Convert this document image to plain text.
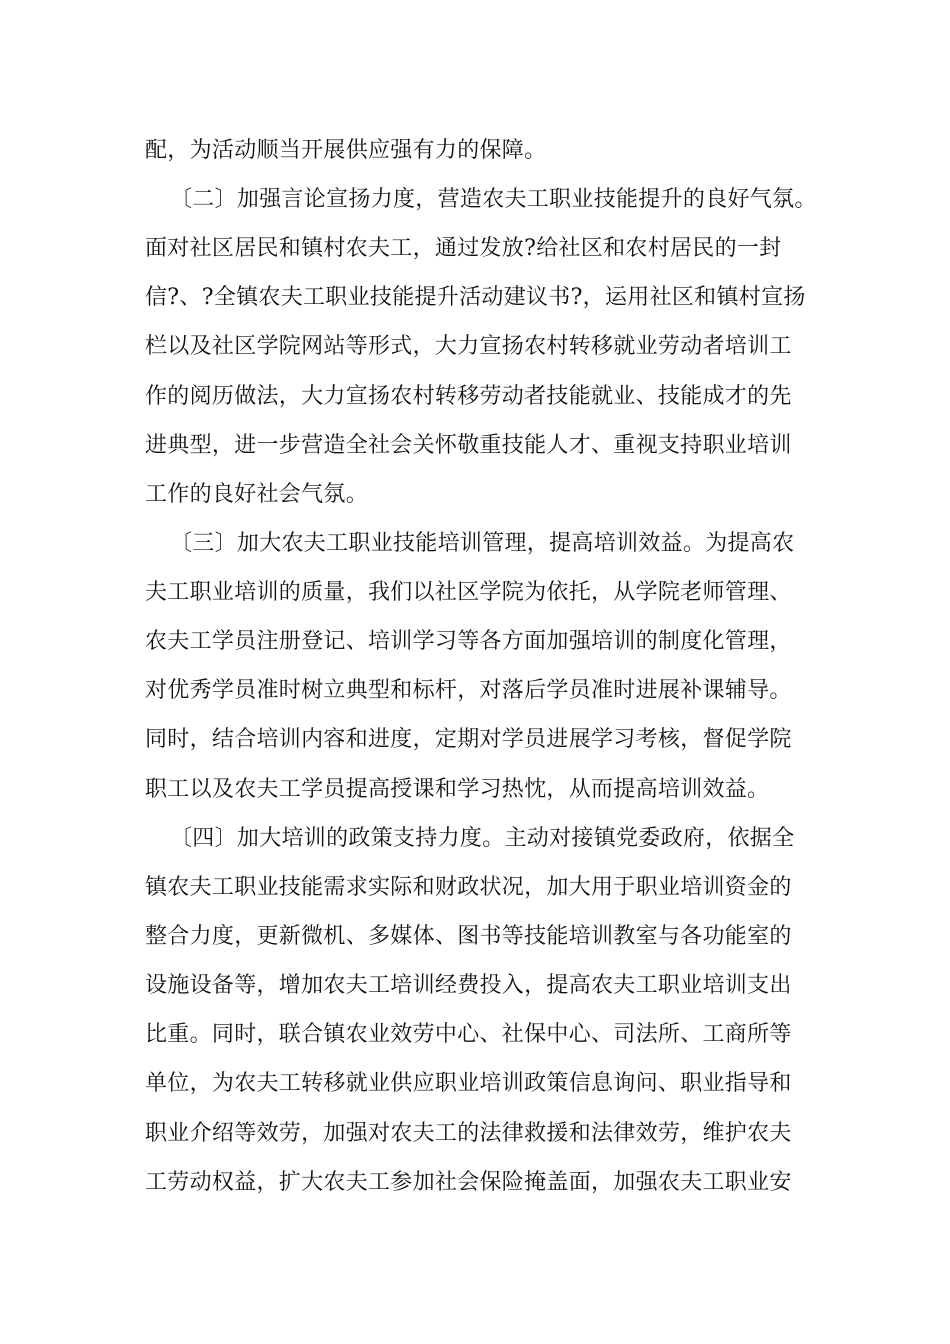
配，为活动顺当开展供应强有力的保障。
〔二〕加强言论宣扬力度，营造农夫工职业技能提升的良好气氛。
面对社区居民和镇村农夫工，通过发放?给社区和农村居民的一封
信?、?全镇农夫工职业技能提升活动建议书?，运用社区和镇村宣扬
栏以及社区学院网站等形式，大力宣扬农村转移就业劳动者培训工
作的阅历做法，大力宣扬农村转移劳动者技能就业、技能成才的先
进典型，进一步营造全社会关怀敬重技能人才、重视支持职业培训
工作的良好社会气氛。
〔三〕加大农夫工职业技能培训管理，提高培训效益。为提高农
夫工职业培训的质量，我们以社区学院为依托，从学院老师管理、
农夫工学员注册登记、培训学习等各方面加强培训的制度化管理，
对优秀学员准时树立典型和标杆，对落后学员准时进展补课辅导。
同时，结合培训内容和进度，定期对学员进展学习考核，督促学院
职工以及农夫工学员提高授课和学习热忱，从而提高培训效益。
〔四〕加大培训的政策支持力度。主动对接镇党委政府，依据全
镇农夫工职业技能需求实际和财政状况，加大用于职业培训资金的
整合力度，更新微机、多媒体、图书等技能培训教室与各功能室的
设施设备等，增加农夫工培训经费投入，提高农夫工职业培训支出
比重。同时，联合镇农业效劳中心、社保中心、司法所、工商所等
单位，为农夫工转移就业供应职业培训政策信息询问、职业指导和
职业介绍等效劳，加强对农夫工的法律救援和法律效劳，维护农夫
工劳动权益，扩大农夫工参加社会保险掩盖面，加强农夫工职业安
